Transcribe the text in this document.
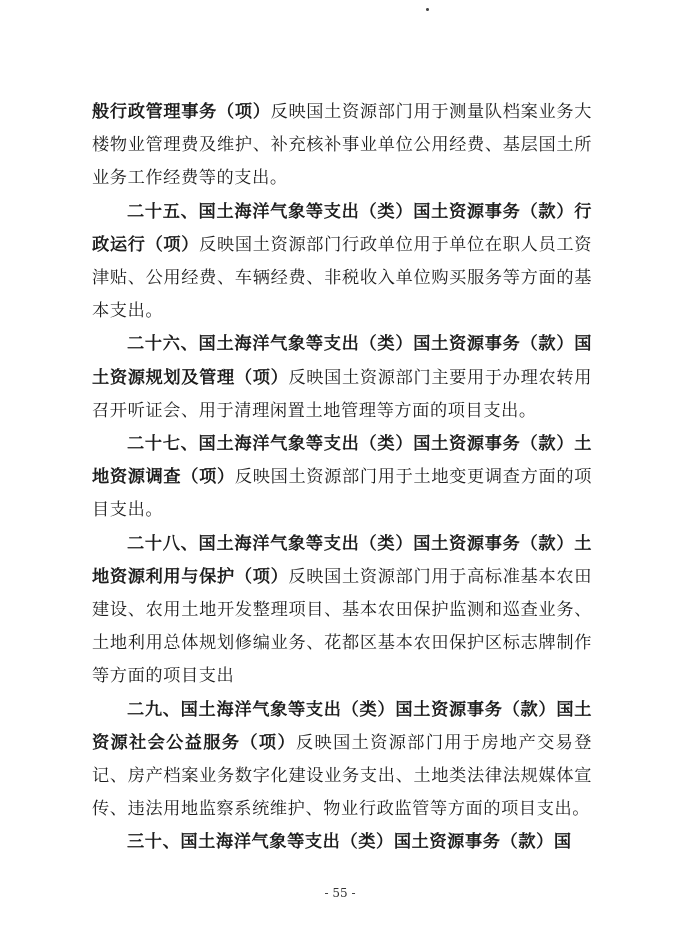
般行政管理事务（项）反映国土资源部门用于测量队档案业务大楼物业管理费及维护、补充核补事业单位公用经费、基层国土所业务工作经费等的支出。

二十五、国土海洋气象等支出（类）国土资源事务（款）行政运行（项）反映国土资源部门行政单位用于单位在职人员工资津贴、公用经费、车辆经费、非税收入单位购买服务等方面的基本支出。

二十六、国土海洋气象等支出（类）国土资源事务（款）国土资源规划及管理（项）反映国土资源部门主要用于办理农转用召开听证会、用于清理闲置土地管理等方面的项目支出。

二十七、国土海洋气象等支出（类）国土资源事务（款）土地资源调查（项）反映国土资源部门用于土地变更调查方面的项目支出。

二十八、国土海洋气象等支出（类）国土资源事务（款）土地资源利用与保护（项）反映国土资源部门用于高标准基本农田建设、农用土地开发整理项目、基本农田保护监测和巡查业务、土地利用总体规划修编业务、花都区基本农田保护区标志牌制作等方面的项目支出

二九、国土海洋气象等支出（类）国土资源事务（款）国土资源社会公益服务（项）反映国土资源部门用于房地产交易登记、房产档案业务数字化建设业务支出、土地类法律法规媒体宣传、违法用地监察系统维护、物业行政监管等方面的项目支出。

三十、国土海洋气象等支出（类）国土资源事务（款）国

- 55 -
